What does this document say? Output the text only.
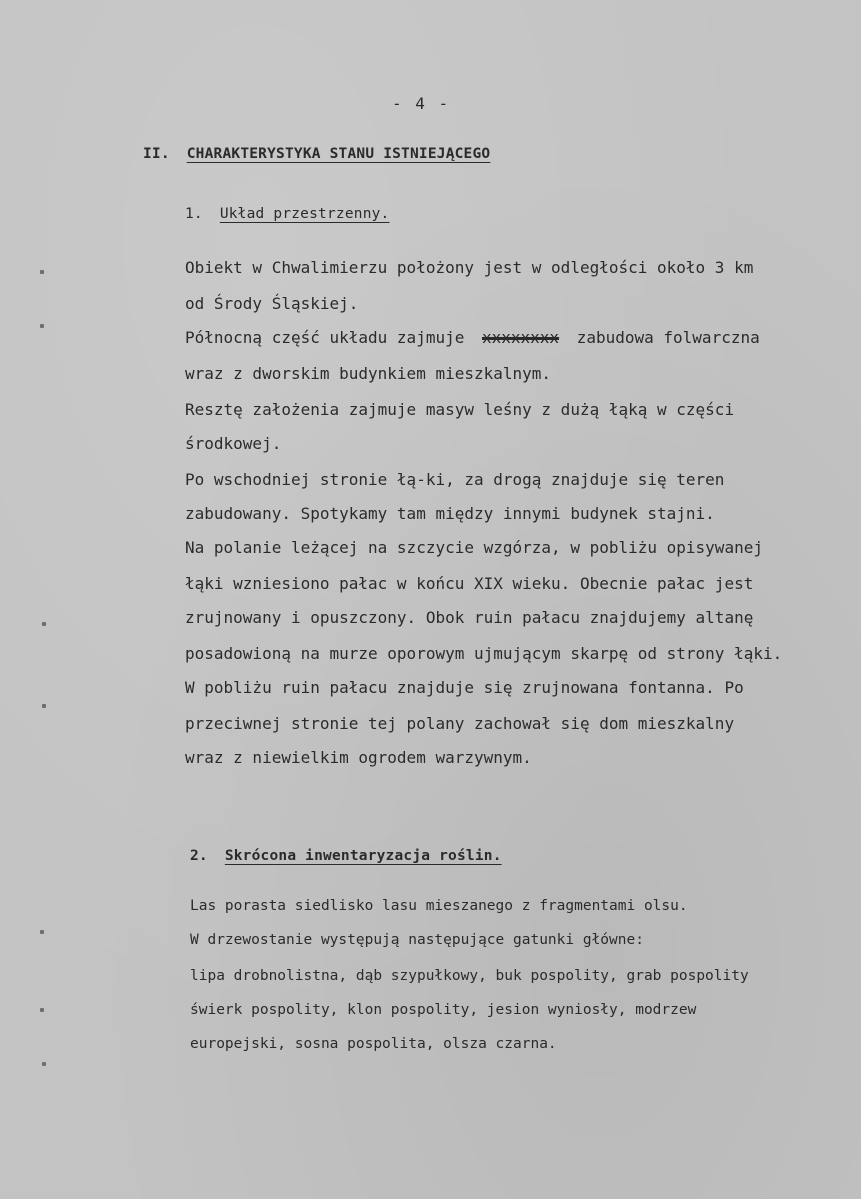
- 4 -
II. CHARAKTERYSTYKA STANU ISTNIEJĄCEGO
1. Układ przestrzenny.
Obiekt w Chwalimierzu położony jest w odległości około 3 km
od Środy Śląskiej.
Północną część układu zajmuje xxxxxxxx zabudowa folwarczna
wraz z dworskim budynkiem mieszkalnym.
Resztę założenia zajmuje masyw leśny z dużą łąką w części
środkowej.
Po wschodniej stronie łą-ki, za drogą znajduje się teren
zabudowany. Spotykamy tam między innymi budynek stajni.
Na polanie leżącej na szczycie wzgórza, w pobliżu opisywanej
łąki wzniesiono pałac w końcu XIX wieku. Obecnie pałac jest
zrujnowany i opuszczony. Obok ruin pałacu znajdujemy altanę
posadowioną na murze oporowym ujmującym skarpę od strony łąki.
W pobliżu ruin pałacu znajduje się zrujnowana fontanna. Po
przeciwnej stronie tej polany zachował się dom mieszkalny
wraz z niewielkim ogrodem warzywnym.
2. Skrócona inwentaryzacja roślin.
Las porasta siedlisko lasu mieszanego z fragmentami olsu.
W drzewostanie występują następujące gatunki główne:
lipa drobnolistna, dąb szypułkowy, buk pospolity, grab pospolity
świerk pospolity, klon pospolity, jesion wyniosły, modrzew
europejski, sosna pospolita, olsza czarna.
